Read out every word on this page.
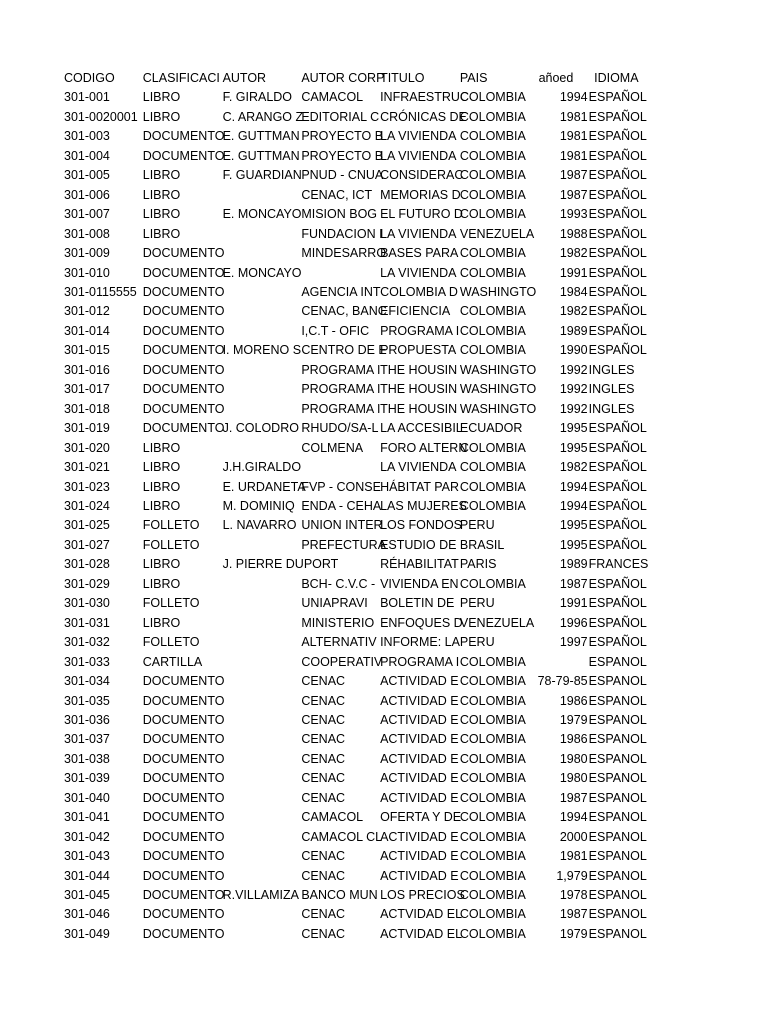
CODIGO	CLASIFICACI	AUTOR	AUTOR CORP	TITULO	PAIS	añoed	IDIOMA
301-001	LIBRO	F. GIRALDO	CAMACOL	INFRAESTRUC	COLOMBIA	1994	ESPAÑOL
301-0020001	LIBRO	C. ARANGO Z	EDITORIAL C	CRÓNICAS DE	COLOMBIA	1981	ESPAÑOL
301-003	DOCUMENTO	E. GUTTMAN	PROYECTO B	LA VIVIENDA	COLOMBIA	1981	ESPAÑOL
301-004	DOCUMENTO	E. GUTTMAN	PROYECTO B	LA VIVIENDA	COLOMBIA	1981	ESPAÑOL
301-005	LIBRO	F. GUARDIAN	PNUD - CNUA	CONSIDERAC	COLOMBIA	1987	ESPAÑOL
301-006	LIBRO		CENAC, ICT	MEMORIAS D	COLOMBIA	1987	ESPAÑOL
301-007	LIBRO	E. MONCAYO	MISION BOG	EL FUTURO D	COLOMBIA	1993	ESPAÑOL
301-008	LIBRO		FUNDACION I	LA VIVIENDA	VENEZUELA	1988	ESPAÑOL
301-009	DOCUMENTO		MINDESARRO	BASES PARA	COLOMBIA	1982	ESPAÑOL
301-010	DOCUMENTO	E. MONCAYO		LA VIVIENDA	COLOMBIA	1991	ESPAÑOL
301-0115555	DOCUMENTO		AGENCIA INT	COLOMBIA D	WASHINGTO	1984	ESPAÑOL
301-012	DOCUMENTO		CENAC, BANC	EFICIENCIA	COLOMBIA	1982	ESPAÑOL
301-014	DOCUMENTO		I,C.T - OFIC	PROGRAMA I	COLOMBIA	1989	ESPAÑOL
301-015	DOCUMENTO	I. MORENO S	CENTRO DE E	PROPUESTA	COLOMBIA	1990	ESPAÑOL
301-016	DOCUMENTO		PROGRAMA I	THE HOUSIN	WASHINGTO	1992	INGLES
301-017	DOCUMENTO		PROGRAMA I	THE HOUSIN	WASHINGTO	1992	INGLES
301-018	DOCUMENTO		PROGRAMA I	THE HOUSIN	WASHINGTO	1992	INGLES
301-019	DOCUMENTO	J. COLODRO	RHUDO/SA-L	LA ACCESIBIL	ECUADOR	1995	ESPAÑOL
301-020	LIBRO		COLMENA	FORO ALTERN	COLOMBIA	1995	ESPAÑOL
301-021	LIBRO	J.H.GIRALDO		LA VIVIENDA	COLOMBIA	1982	ESPAÑOL
301-023	LIBRO	E. URDANETA	FVP - CONSE	HÁBITAT PAR	COLOMBIA	1994	ESPAÑOL
301-024	LIBRO	M. DOMINIQ	ENDA - CEHA	LAS MUJERES	COLOMBIA	1994	ESPAÑOL
301-025	FOLLETO	L. NAVARRO	UNION INTER	LOS FONDOS	PERU	1995	ESPAÑOL
301-027	FOLLETO		PREFECTURA	ESTUDIO DE	BRASIL	1995	ESPAÑOL
301-028	LIBRO	J. PIERRE DUPORT		RÉHABILITAT	PARIS	1989	FRANCES
301-029	LIBRO		BCH- C.V.C -	VIVIENDA EN	COLOMBIA	1987	ESPAÑOL
301-030	FOLLETO		UNIAPRAVI	BOLETIN DE	PERU	1991	ESPAÑOL
301-031	LIBRO		MINISTERIO	ENFOQUES D	VENEZUELA	1996	ESPAÑOL
301-032	FOLLETO		ALTERNATIV	INFORME: LA	PERU	1997	ESPAÑOL
301-033	CARTILLA		COOPERATIV	PROGRAMA I	COLOMBIA		ESPANOL
301-034	DOCUMENTO		CENAC	ACTIVIDAD E	COLOMBIA	78-79-85	ESPANOL
301-035	DOCUMENTO		CENAC	ACTIVIDAD E	COLOMBIA	1986	ESPANOL
301-036	DOCUMENTO		CENAC	ACTIVIDAD E	COLOMBIA	1979	ESPANOL
301-037	DOCUMENTO		CENAC	ACTIVIDAD E	COLOMBIA	1986	ESPANOL
301-038	DOCUMENTO		CENAC	ACTIVIDAD E	COLOMBIA	1980	ESPANOL
301-039	DOCUMENTO		CENAC	ACTIVIDAD E	COLOMBIA	1980	ESPANOL
301-040	DOCUMENTO		CENAC	ACTIVIDAD E	COLOMBIA	1987	ESPANOL
301-041	DOCUMENTO		CAMACOL	OFERTA Y DE	COLOMBIA	1994	ESPANOL
301-042	DOCUMENTO		CAMACOL CL	ACTIVIDAD E	COLOMBIA	2000	ESPANOL
301-043	DOCUMENTO		CENAC	ACTIVIDAD E	COLOMBIA	1981	ESPANOL
301-044	DOCUMENTO		CENAC	ACTIVIDAD E	COLOMBIA	1,979	ESPANOL
301-045	DOCUMENTO	R.VILLAMIZA	BANCO MUN	LOS PRECIOS	COLOMBIA	1978	ESPANOL
301-046	DOCUMENTO		CENAC	ACTVIDAD EL	COLOMBIA	1987	ESPANOL
301-049	DOCUMENTO		CENAC	ACTVIDAD EL	COLOMBIA	1979	ESPANOL
